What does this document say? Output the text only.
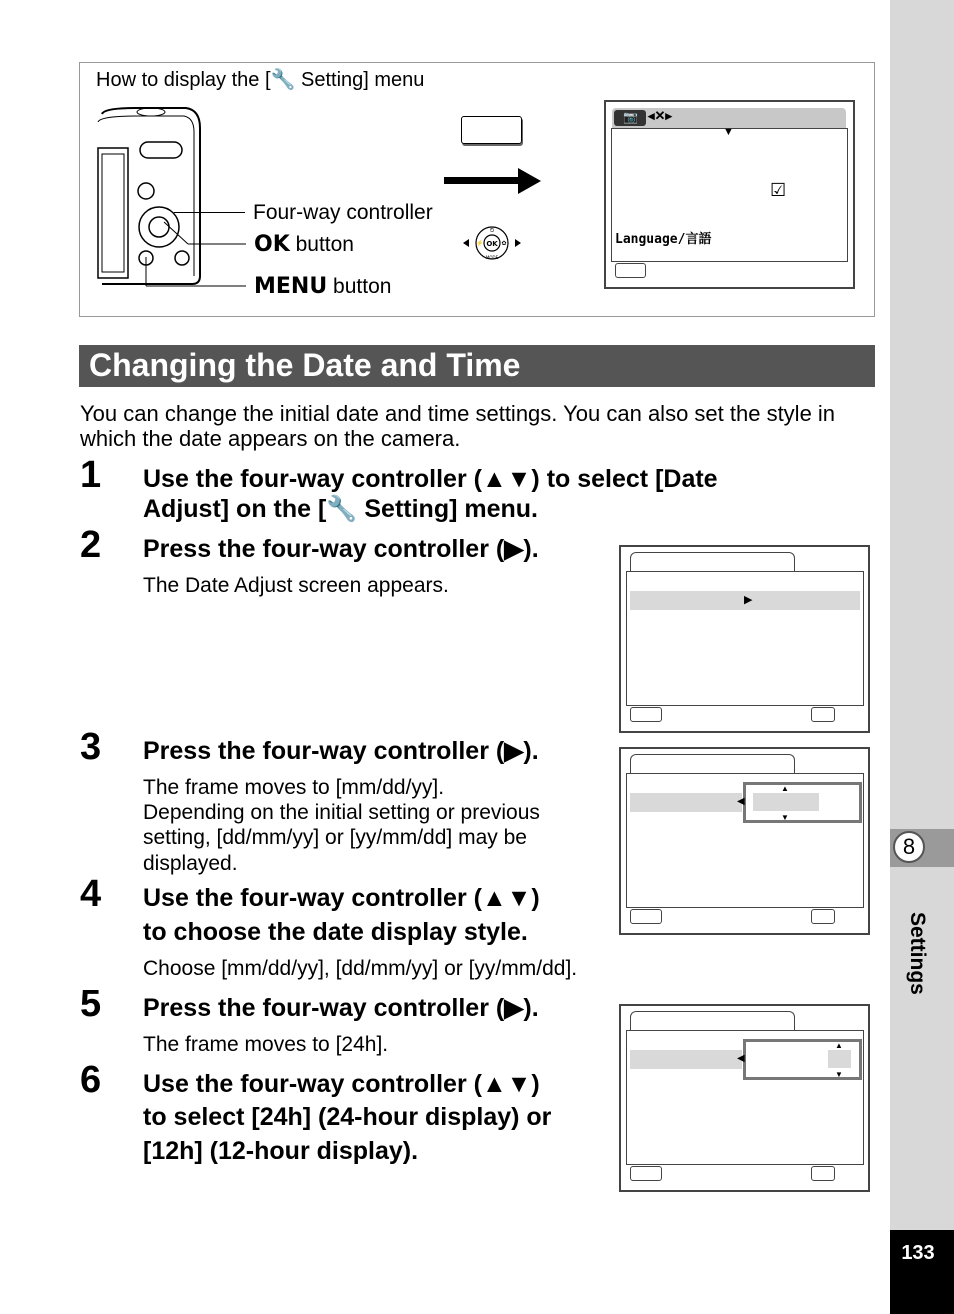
8
Settings
133
How to display the [🔧 Setting] menu
Four-way controller
OK button
MENU button
OK
MODE
⏲
⚡	✿
📷 ◂✕▸
▼
☑
Language/言語
Changing the Date and Time
You can change the initial date and time settings. You can also set the style in which the date appears on the camera.
1 Use the four-way controller (▲▼) to select [Date
Adjust] on the [🔧 Setting] menu.
2 Press the four-way controller (▶).
The Date Adjust screen appears.
3 Press the four-way controller (▶).
The frame moves to [mm/dd/yy].
Depending on the initial setting or previous
setting, [dd/mm/yy] or [yy/mm/dd] may be
displayed.
4 Use the four-way controller (▲▼)
to choose the date display style.
Choose [mm/dd/yy], [dd/mm/yy] or [yy/mm/dd].
5 Press the four-way controller (▶).
The frame moves to [24h].
6 Use the four-way controller (▲▼)
to select [24h] (24-hour display) or
[12h] (12-hour display).
▶
◀
▲
▼
◀
▲
▼
